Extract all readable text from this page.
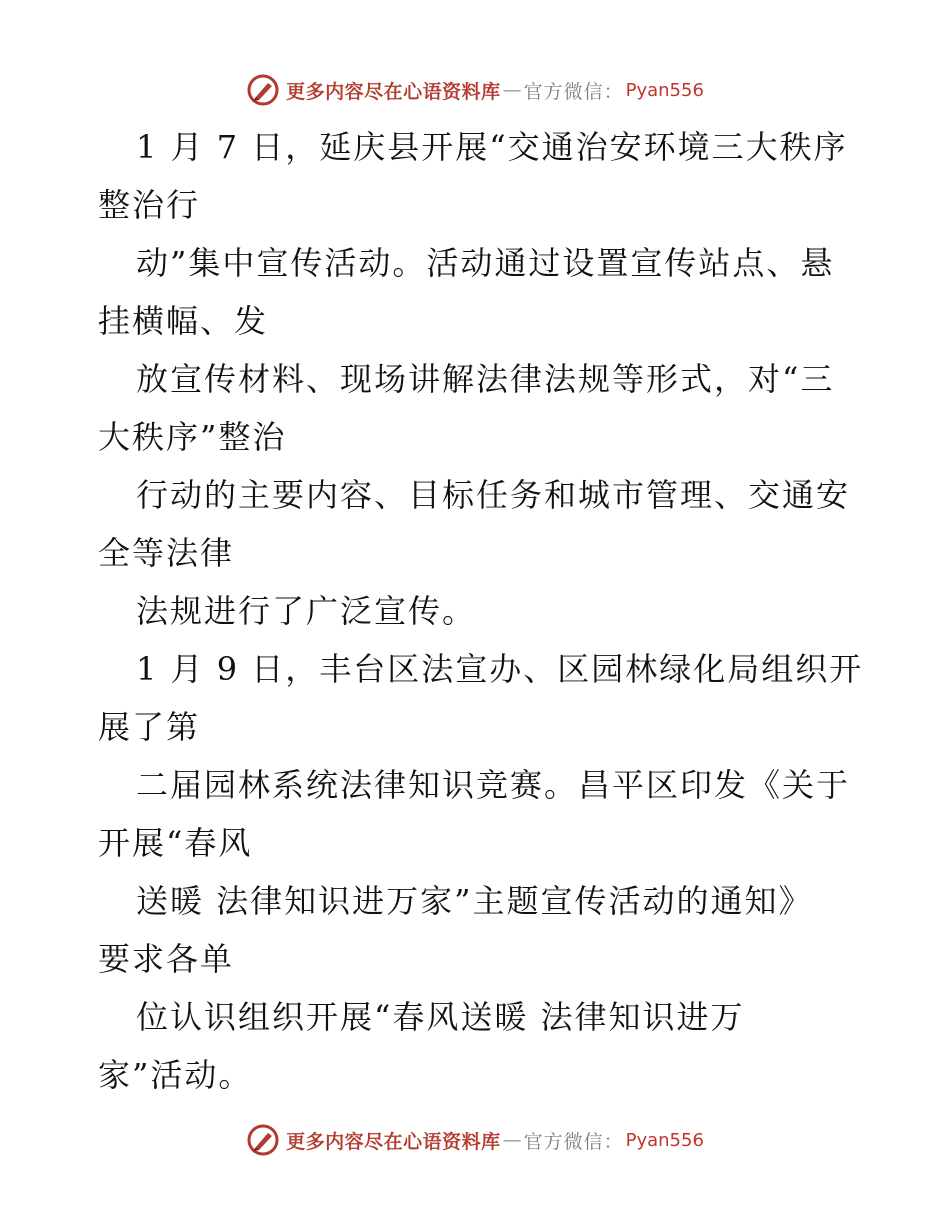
更多内容尽在心语资料库 — 官方微信： Pyan556
1 月 7 日，延庆县开展“交通治安环境三大秩序
整治行
动”集中宣传活动。活动通过设置宣传站点、悬
挂横幅、发
放宣传材料、现场讲解法律法规等形式，对“三
大秩序”整治
行动的主要内容、目标任务和城市管理、交通安
全等法律
法规进行了广泛宣传。
1 月 9 日，丰台区法宣办、区园林绿化局组织开
展了第
二届园林系统法律知识竞赛。昌平区印发《关于
开展“春风
送暖 法律知识进万家”主题宣传活动的通知》
要求各单
位认识组织开展“春风送暖 法律知识进万
家”活动。
更多内容尽在心语资料库 — 官方微信： Pyan556
